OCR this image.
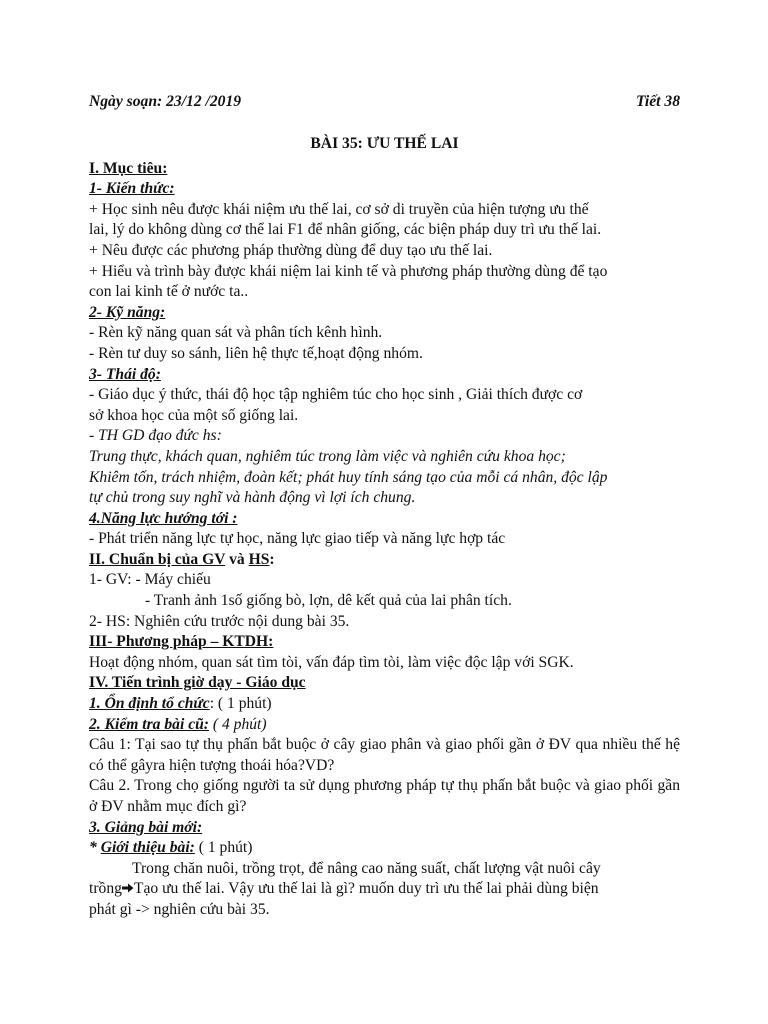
Ngày soạn: 23/12 /2019	Tiết 38
BÀI 35: ƯU THẾ LAI
I. Mục tiêu:
1- Kiến thức:
+ Học sinh nêu được khái niệm ưu thế lai, cơ sở di truyền của hiện tượng ưu thế
lai, lý do không dùng cơ thể lai F1 để nhân giống, các biện pháp duy trì ưu thế lai.
+ Nêu được các phương pháp thường dùng để duy tạo ưu thế lai.
+ Hiểu và trình bày được khái niệm lai kinh tế và phương pháp thường dùng để tạo
con lai kinh tế ở nước ta..
2- Kỹ năng:
- Rèn kỹ năng quan sát và phân tích kênh hình.
- Rèn tư duy so sánh, liên hệ thực tế,hoạt động nhóm.
3- Thái độ:
- Giáo dục ý thức, thái độ học tập nghiêm túc cho học sinh , Giải thích được cơ
sở khoa học của một số giống lai.
- TH GD đạo đức hs:
Trung thực, khách quan, nghiêm túc trong làm việc và nghiên cứu khoa học;
Khiêm tốn, trách nhiệm, đoàn kết; phát huy tính sáng tạo của mỗi cá nhân, độc lập
tự chủ trong suy nghĩ và hành động vì lợi ích chung.
4.Năng lực hướng tới :
- Phát triển năng lực tự học, năng lực giao tiếp và năng lực hợp tác
II. Chuẩn bị của GV và HS:
1- GV: - Máy chiếu
- Tranh ảnh 1số giống bò, lợn, dê kết quả của lai phân tích.
2- HS: Nghiên cứu trước nội dung bài 35.
III- Phương pháp – KTDH:
Hoạt động nhóm, quan sát tìm tòi, vấn đáp tìm tòi, làm việc độc lập với SGK.
IV. Tiến trình giờ dạy - Giáo dục
1. Ổn định tổ chức: ( 1 phút)
2. Kiểm tra bài cũ: ( 4 phút)
Câu 1: Tại sao tự thụ phấn bắt buộc ở cây giao phân và giao phối gần ở ĐV qua nhiều thế hệ có thể gâyra hiện tượng thoái hóa?VD?
Câu 2. Trong chọ giống người ta sử dụng phương pháp tự thụ phấn bắt buộc và giao phối gần ở ĐV nhằm mục đích gì?
3. Giảng bài mới:
* Giới thiệu bài: ( 1 phút)
Trong chăn nuôi, trồng trọt, để nâng cao năng suất, chất lượng vật nuôi cây
trồng Tạo ưu thế lai. Vậy ưu thế lai là gì? muốn duy trì ưu thế lai phải dùng biện
phát gì -> nghiên cứu bài 35.
